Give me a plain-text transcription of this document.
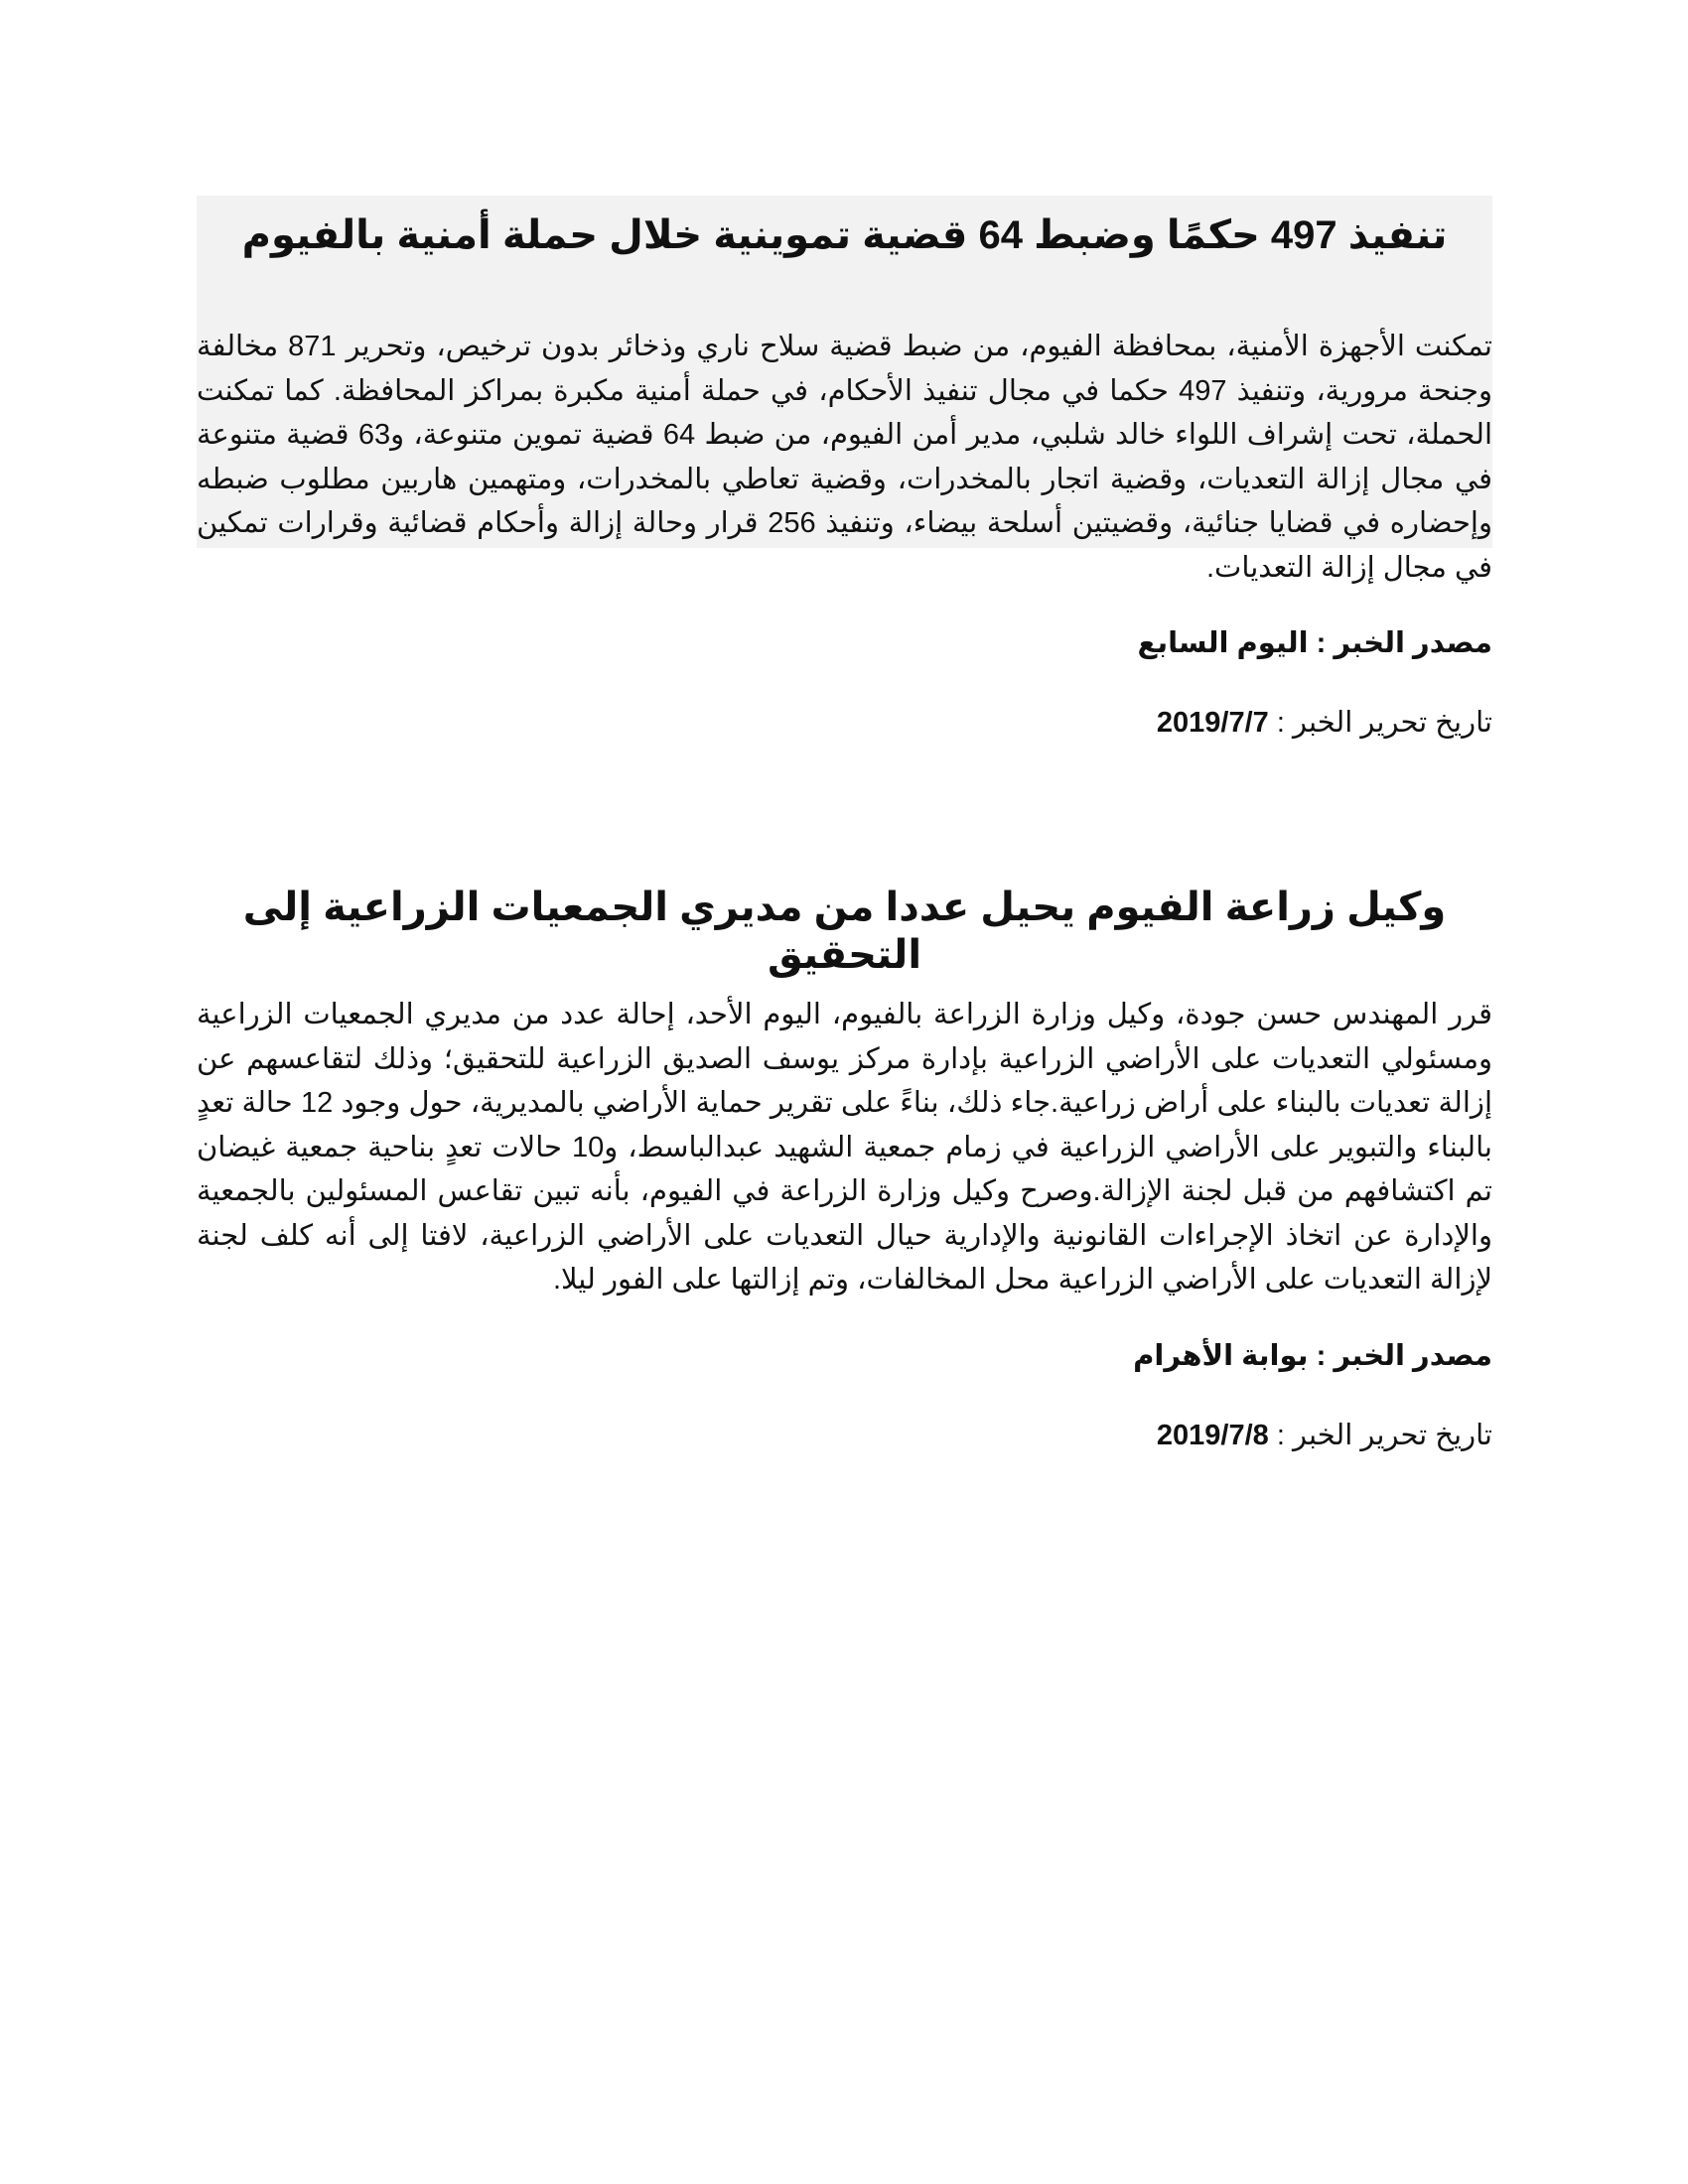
تنفيذ 497 حكمًا وضبط 64 قضية تموينية خلال حملة أمنية بالفيوم

تمكنت الأجهزة الأمنية، بمحافظة الفيوم، من ضبط قضية سلاح ناري وذخائر بدون ترخيص، وتحرير 871 مخالفة وجنحة مرورية، وتنفيذ 497 حكما في مجال تنفيذ الأحكام، في حملة أمنية مكبرة بمراكز المحافظة. كما تمكنت الحملة، تحت إشراف اللواء خالد شلبي، مدير أمن الفيوم، من ضبط 64 قضية تموين متنوعة، و63 قضية متنوعة في مجال إزالة التعديات، وقضية اتجار بالمخدرات، وقضية تعاطي بالمخدرات، ومتهمين هاربين مطلوب ضبطه وإحضاره في قضايا جنائية، وقضيتين أسلحة بيضاء، وتنفيذ 256 قرار وحالة إزالة وأحكام قضائية وقرارات تمكين في مجال إزالة التعديات.

مصدر الخبر : اليوم السابع
تاريخ تحرير الخبر : 2019/7/7
وكيل زراعة الفيوم يحيل عددا من مديري الجمعيات الزراعية إلى التحقيق

قرر المهندس حسن جودة، وكيل وزارة الزراعة بالفيوم، اليوم الأحد، إحالة عدد من مديري الجمعيات الزراعية ومسئولي التعديات على الأراضي الزراعية بإدارة مركز يوسف الصديق الزراعية للتحقيق؛ وذلك لتقاعسهم عن إزالة تعديات بالبناء على أراض زراعية.جاء ذلك، بناءً على تقرير حماية الأراضي بالمديرية، حول وجود 12 حالة تعدٍ بالبناء والتبوير على الأراضي الزراعية في زمام جمعية الشهيد عبدالباسط، و10 حالات تعدٍ بناحية جمعية غيضان تم اكتشافهم من قبل لجنة الإزالة.وصرح وكيل وزارة الزراعة في الفيوم، بأنه تبين تقاعس المسئولين بالجمعية والإدارة عن اتخاذ الإجراءات القانونية والإدارية حيال التعديات على الأراضي الزراعية، لافتا إلى أنه كلف لجنة لإزالة التعديات على الأراضي الزراعية محل المخالفات، وتم إزالتها على الفور ليلا.

مصدر الخبر : بوابة الأهرام
تاريخ تحرير الخبر : 2019/7/8
